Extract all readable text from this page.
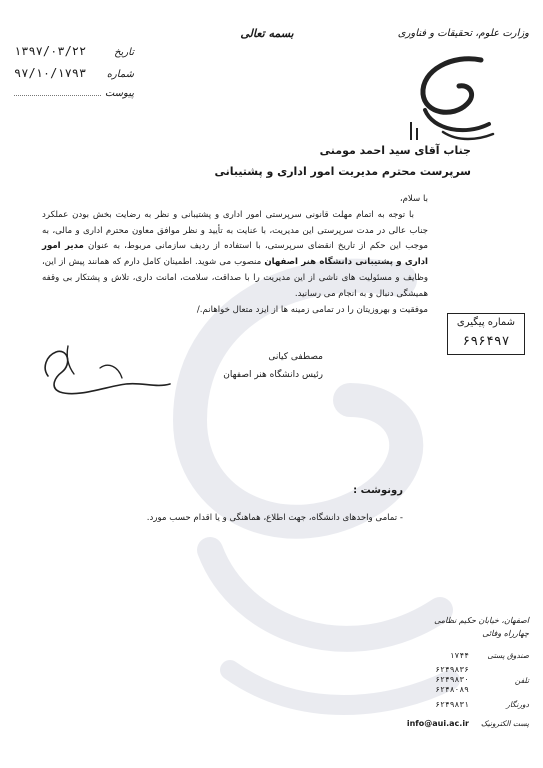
وزارت علوم، تحقیقات و فناوری
بسمه تعالی
تاریخ
۱۳۹۷/۰۳/۲۲
شماره
۹۷/۱۰/۱۷۹۳
پیوست
جناب آقای سید احمد مومنی
سرپرست محترم مدیریت امور اداری و پشتیبانی

با سلام،

با توجه به اتمام مهلت قانونی سرپرستی امور اداری و پشتیبانی و نظر به رضایت بخش بودن عملکرد جناب عالی در مدت سرپرستی این مدیریت، با عنایت به تأیید و نظر موافق معاون محترم اداری و مالی، به موجب این حکم از تاریخ انقضای سرپرستی، با استفاده از ردیف سازمانی مربوط، به عنوان مدیر امور اداری و پشتیبانی دانشگاه هنر اصفهان منصوب می شوید. اطمینان کامل دارم که همانند پیش از این، وظایف و مسئولیت های ناشی از این مدیریت را با صداقت، سلامت، امانت داری، تلاش و پشتکار بی وقفه همیشگی دنبال و به انجام می رسانید.

موفقیت و بهروزیتان را در تمامی زمینه ها از ایزد متعال خواهانم./

شماره پیگیری
۶۹۶۴۹۷
مصطفی کیانی
رئیس دانشگاه هنر اصفهان
رونوشت :
- تمامی واحدهای دانشگاه، جهت اطلاع، هماهنگی و یا اقدام حسب مورد.
اصفهان، خیابان حکیم نظامی
چهارراه وفائی
صندوق پستی
۱۷۴۴
تلفن
۶۲۴۹۸۳۶
۶۲۴۹۸۳۰
۶۲۴۸۰۸۹
دورنگار
۶۲۴۹۸۳۱
پست الکترونیک
info@aui.ac.ir
